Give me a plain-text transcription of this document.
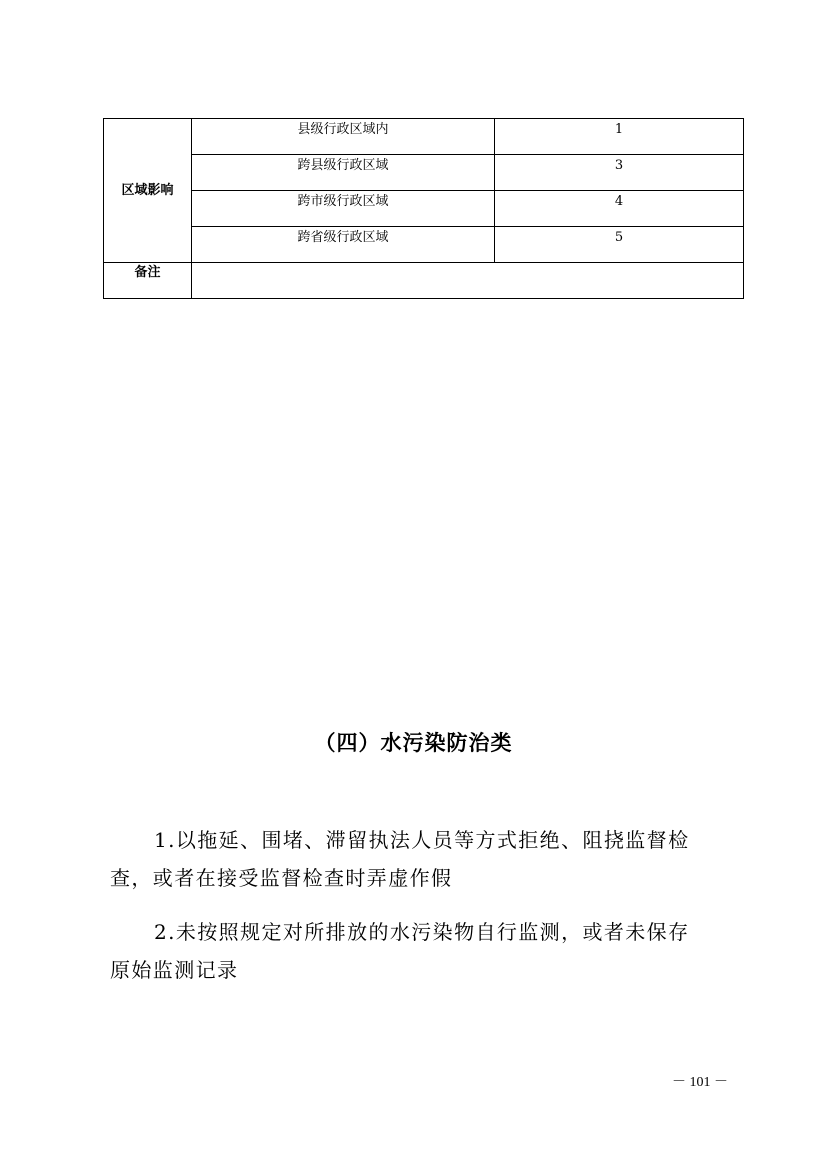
区域影响	县级行政区域内	1
	跨县级行政区域	3
	跨市级行政区域	4
	跨省级行政区域	5
备注		
（四）水污染防治类
1.以拖延、围堵、滞留执法人员等方式拒绝、阻挠监督检查，或者在接受监督检查时弄虚作假
2.未按照规定对所排放的水污染物自行监测，或者未保存原始监测记录
－ 101 －
